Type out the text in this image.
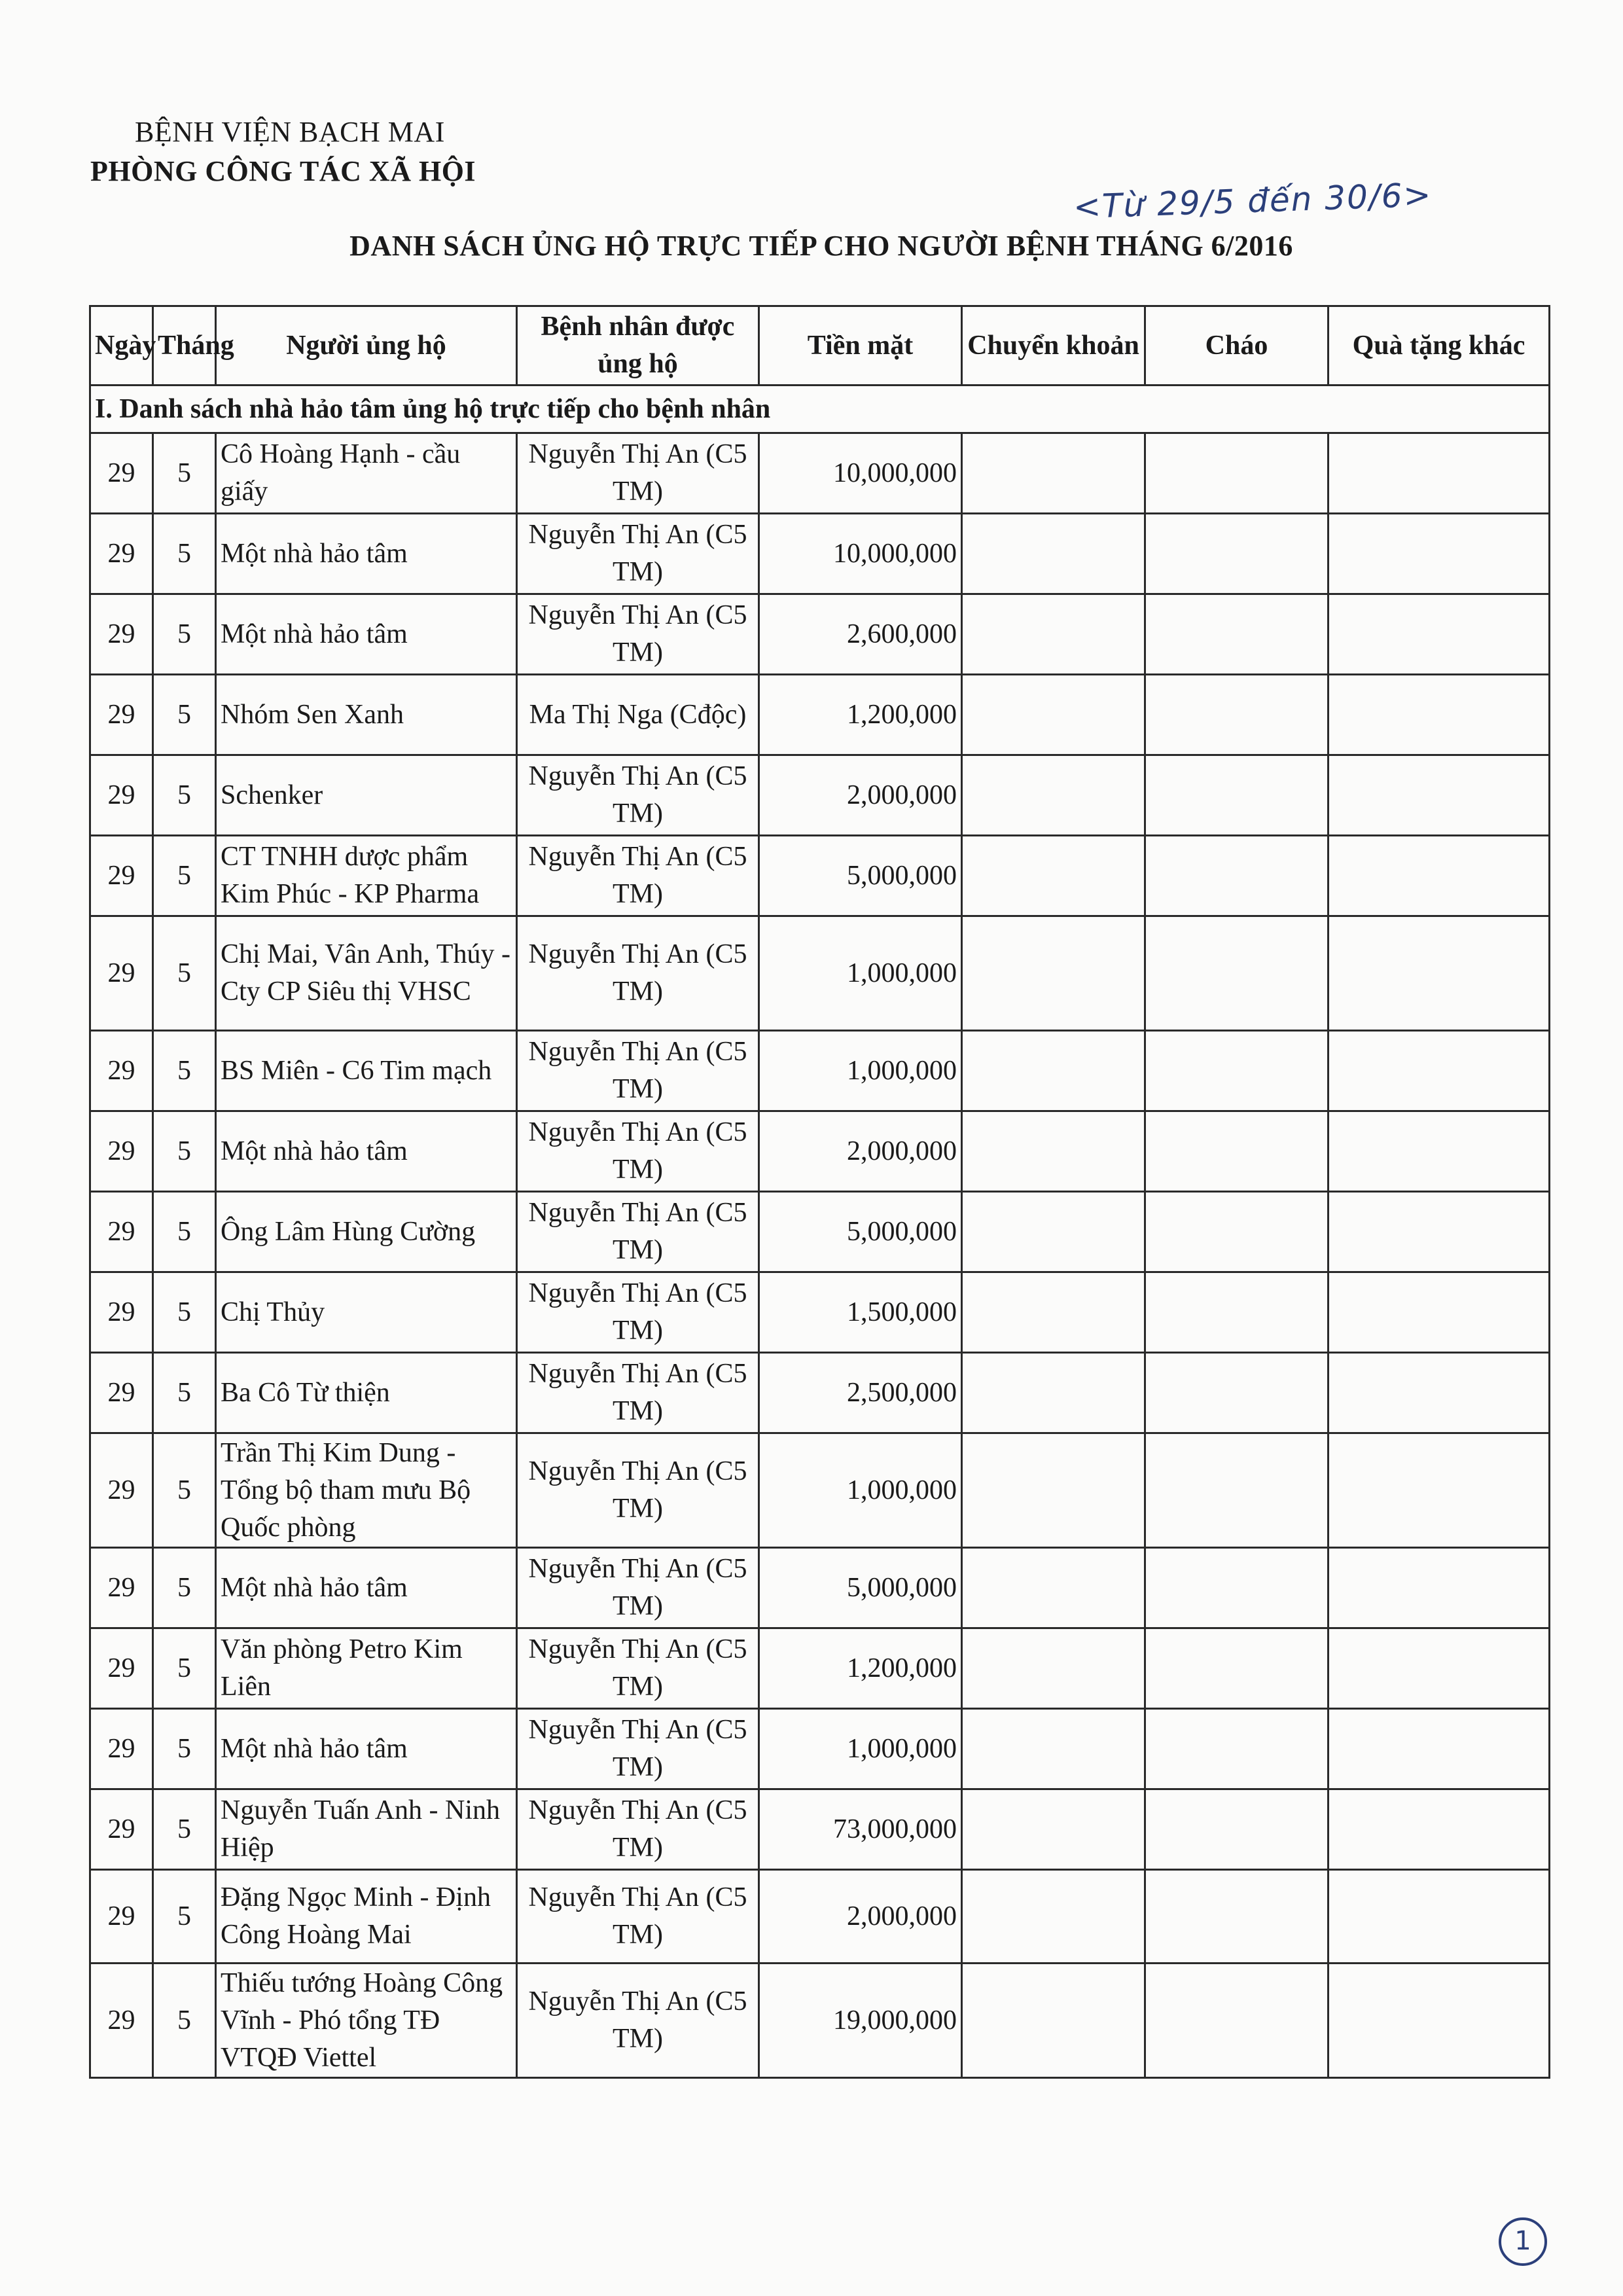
BỆNH VIỆN BẠCH MAI
PHÒNG CÔNG TÁC XÃ HỘI
<Từ 29/5 đến 30/6>
DANH SÁCH ỦNG HỘ TRỰC TIẾP CHO NGƯỜI BỆNH THÁNG 6/2016
Ngày	Tháng	Người ủng hộ	Bệnh nhân được ủng hộ	Tiền mặt	Chuyển khoản	Cháo	Quà tặng khác
I. Danh sách nhà hảo tâm ủng hộ trực tiếp cho bệnh nhân							
29	5	Cô Hoàng Hạnh - cầu giấy	Nguyễn Thị An (C5 TM)	10,000,000			
29	5	Một nhà hảo tâm	Nguyễn Thị An (C5 TM)	10,000,000			
29	5	Một nhà hảo tâm	Nguyễn Thị An (C5 TM)	2,600,000			
29	5	Nhóm Sen Xanh	Ma Thị Nga (Cđộc)	1,200,000			
29	5	Schenker	Nguyễn Thị An (C5 TM)	2,000,000			
29	5	CT TNHH dược phẩm Kim Phúc - KP Pharma	Nguyễn Thị An (C5 TM)	5,000,000			
29	5	Chị Mai, Vân Anh, Thúy - Cty CP Siêu thị VHSC	Nguyễn Thị An (C5 TM)	1,000,000			
29	5	BS Miên - C6 Tim mạch	Nguyễn Thị An (C5 TM)	1,000,000			
29	5	Một nhà hảo tâm	Nguyễn Thị An (C5 TM)	2,000,000			
29	5	Ông Lâm Hùng Cường	Nguyễn Thị An (C5 TM)	5,000,000			
29	5	Chị Thủy	Nguyễn Thị An (C5 TM)	1,500,000			
29	5	Ba Cô Từ thiện	Nguyễn Thị An (C5 TM)	2,500,000			
29	5	Trần Thị Kim Dung - Tổng bộ tham mưu Bộ Quốc phòng	Nguyễn Thị An (C5 TM)	1,000,000			
29	5	Một nhà hảo tâm	Nguyễn Thị An (C5 TM)	5,000,000			
29	5	Văn phòng Petro Kim Liên	Nguyễn Thị An (C5 TM)	1,200,000			
29	5	Một nhà hảo tâm	Nguyễn Thị An (C5 TM)	1,000,000			
29	5	Nguyễn Tuấn Anh - Ninh Hiệp	Nguyễn Thị An (C5 TM)	73,000,000			
29	5	Đặng Ngọc Minh - Định Công Hoàng Mai	Nguyễn Thị An (C5 TM)	2,000,000			
29	5	Thiếu tướng Hoàng Công Vĩnh - Phó tổng TĐ VTQĐ Viettel	Nguyễn Thị An (C5 TM)	19,000,000			
1
